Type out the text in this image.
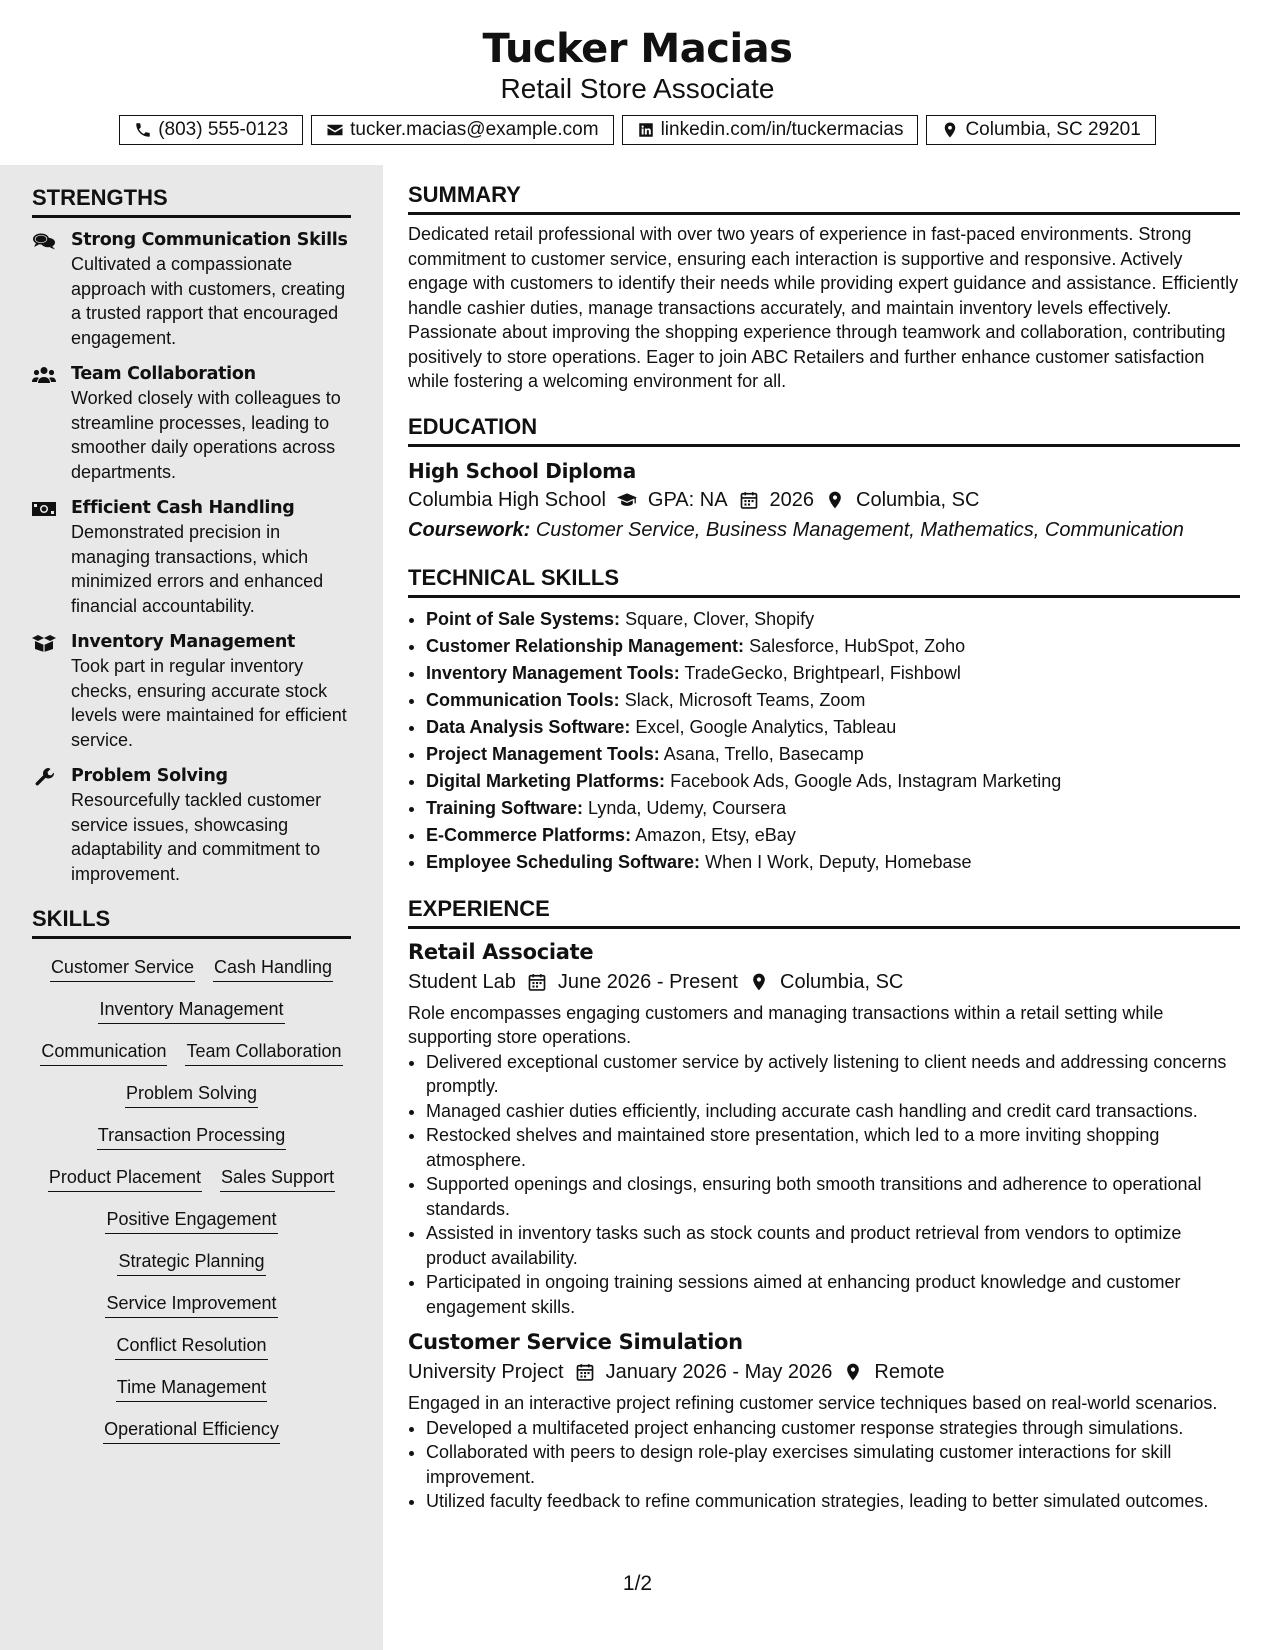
Tucker Macias
Retail Store Associate
(803) 555-0123	tucker.macias@example.com	linkedin.com/in/tuckermacias	Columbia, SC 29201
STRENGTHS
Strong Communication Skills
Cultivated a compassionate approach with customers, creating a trusted rapport that encouraged engagement.
Team Collaboration
Worked closely with colleagues to streamline processes, leading to smoother daily operations across departments.
Efficient Cash Handling
Demonstrated precision in managing transactions, which minimized errors and enhanced financial accountability.
Inventory Management
Took part in regular inventory checks, ensuring accurate stock levels were maintained for efficient service.
Problem Solving
Resourcefully tackled customer service issues, showcasing adaptability and commitment to improvement.
SKILLS
Customer Service Cash Handling
Inventory Management
Communication Team Collaboration
Problem Solving
Transaction Processing
Product Placement Sales Support
Positive Engagement
Strategic Planning
Service Improvement
Conflict Resolution
Time Management
Operational Efficiency
SUMMARY
Dedicated retail professional with over two years of experience in fast-paced environments. Strong commitment to customer service, ensuring each interaction is supportive and responsive. Actively engage with customers to identify their needs while providing expert guidance and assistance. Efficiently handle cashier duties, manage transactions accurately, and maintain inventory levels effectively. Passionate about improving the shopping experience through teamwork and collaboration, contributing positively to store operations. Eager to join ABC Retailers and further enhance customer satisfaction while fostering a welcoming environment for all.
EDUCATION
High School Diploma
Columbia High School GPA: NA 2026 Columbia, SC
Coursework: Customer Service, Business Management, Mathematics, Communication
TECHNICAL SKILLS
• Point of Sale Systems: Square, Clover, Shopify
• Customer Relationship Management: Salesforce, HubSpot, Zoho
• Inventory Management Tools: TradeGecko, Brightpearl, Fishbowl
• Communication Tools: Slack, Microsoft Teams, Zoom
• Data Analysis Software: Excel, Google Analytics, Tableau
• Project Management Tools: Asana, Trello, Basecamp
• Digital Marketing Platforms: Facebook Ads, Google Ads, Instagram Marketing
• Training Software: Lynda, Udemy, Coursera
• E-Commerce Platforms: Amazon, Etsy, eBay
• Employee Scheduling Software: When I Work, Deputy, Homebase
EXPERIENCE
Retail Associate
Student Lab June 2026 - Present Columbia, SC
Role encompasses engaging customers and managing transactions within a retail setting while supporting store operations.
• Delivered exceptional customer service by actively listening to client needs and addressing concerns promptly.
• Managed cashier duties efficiently, including accurate cash handling and credit card transactions.
• Restocked shelves and maintained store presentation, which led to a more inviting shopping atmosphere.
• Supported openings and closings, ensuring both smooth transitions and adherence to operational standards.
• Assisted in inventory tasks such as stock counts and product retrieval from vendors to optimize product availability.
• Participated in ongoing training sessions aimed at enhancing product knowledge and customer engagement skills.
Customer Service Simulation
University Project January 2026 - May 2026 Remote
Engaged in an interactive project refining customer service techniques based on real-world scenarios.
• Developed a multifaceted project enhancing customer response strategies through simulations.
• Collaborated with peers to design role-play exercises simulating customer interactions for skill improvement.
• Utilized faculty feedback to refine communication strategies, leading to better simulated outcomes.
1/2
